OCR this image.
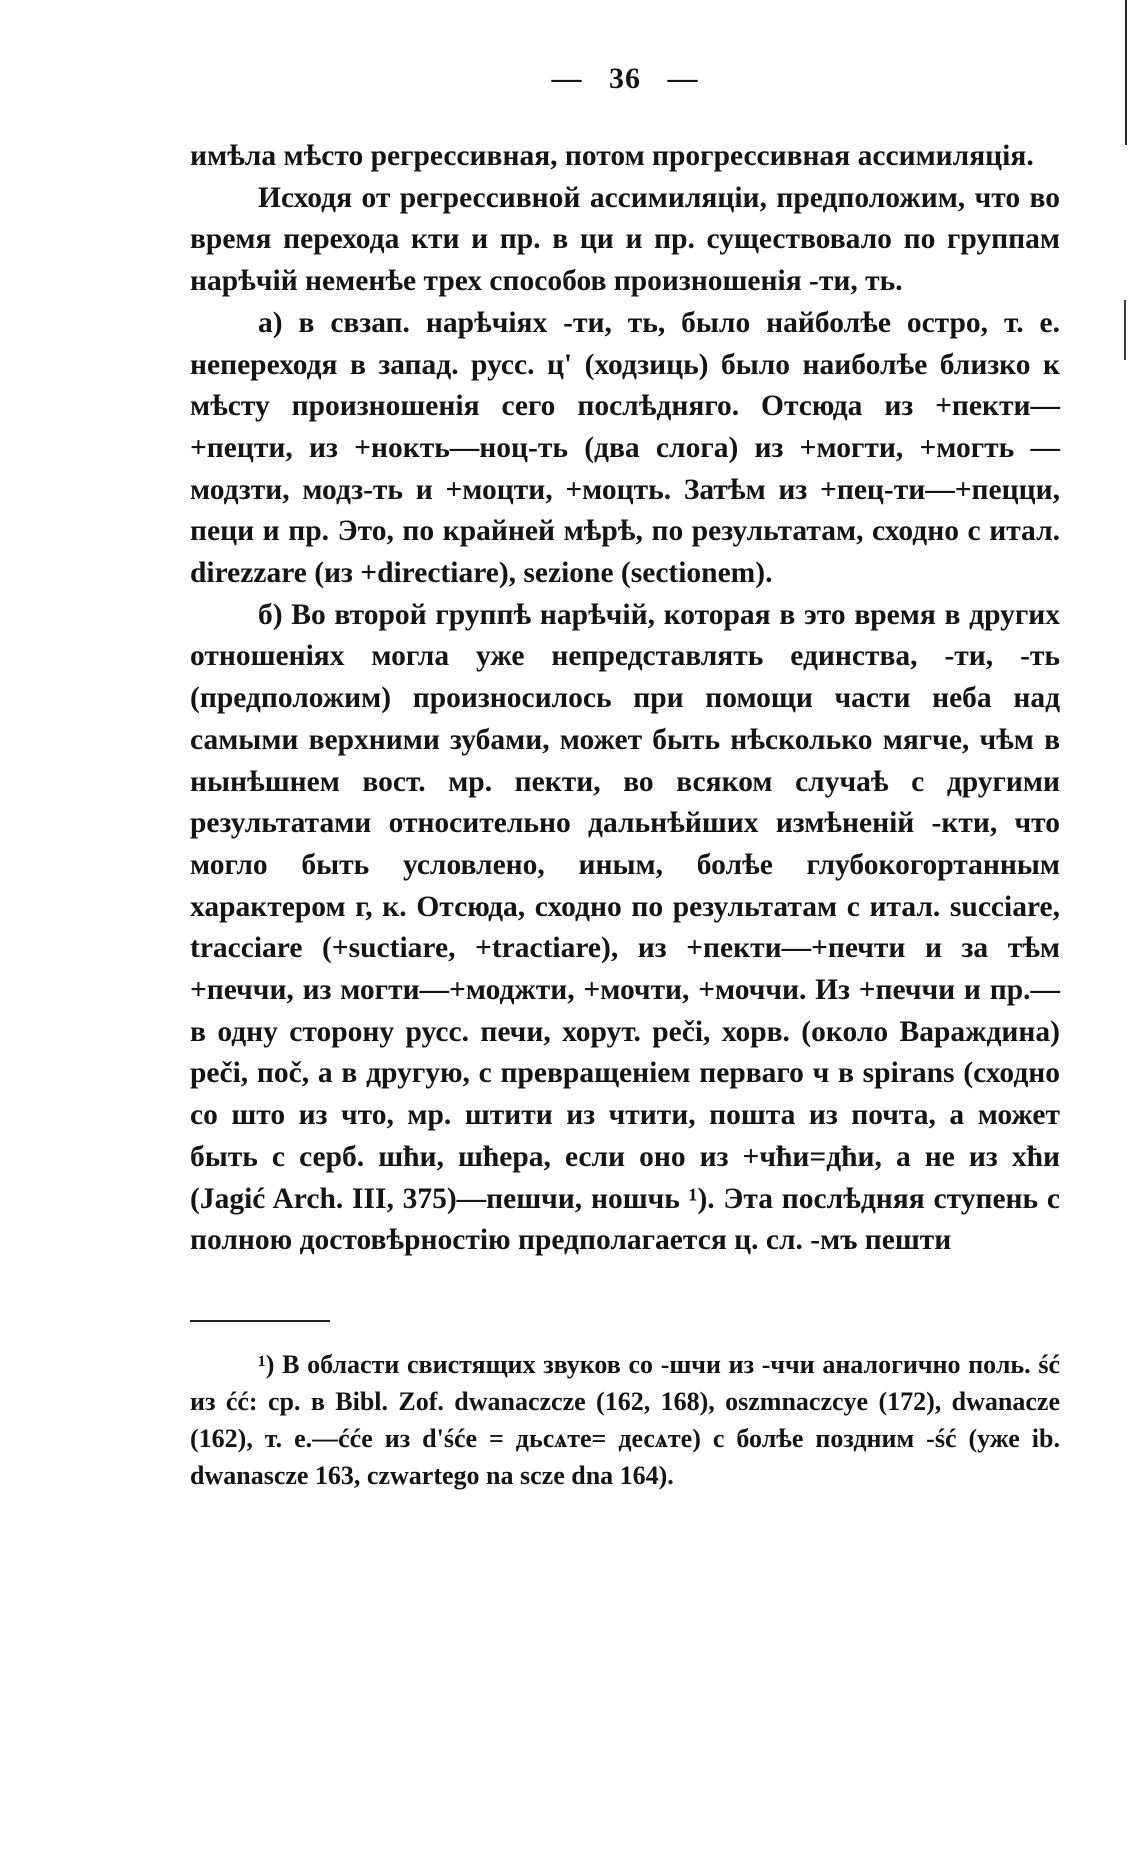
— 36 —

имѣла мѣсто регрессивная, потом прогрессивная ассимиляція.

Исходя от регрессивной ассимиляціи, предположим, что во время перехода кти и пр. в ци и пр. существовало по группам нарѣчій неменѣе трех способов произношенія -ти, ть.

а) в свзап. нарѣчіях -ти, ть, было найболѣе остро, т. е. непереходя в запад. русс. ц' (ходзиць) было наиболѣе близко к мѣсту произношенія сего послѣдняго. Отсюда из +пекти—+пецти, из +нокть—ноц-ть (два слога) из +могти, +могть — модзти, модз-ть и +моцти, +моцть. Затѣм из +пец-ти—+пецци, пеци и пр. Это, по крайней мѣрѣ, по результатам, сходно с итал. direzzare (из +directiare), sezione (sectionem).

б) Во второй группѣ нарѣчій, которая в это время в других отношеніях могла уже непредставлять единства, -ти, -ть (предположим) произносилось при помощи части неба над самыми верхними зубами, может быть нѣсколько мягче, чѣм в нынѣшнем вост. мр. пекти, во всяком случаѣ с другими результатами относительно дальнѣйших измѣненій -кти, что могло быть условлено, иным, болѣе глубокогортанным характером г, к. Отсюда, сходно по результатам с итал. succiare, tracciare (+suctiare, +tractiare), из +пекти—+печти и за тѣм +печчи, из могти—+моджти, +мочти, +моччи. Из +печчи и пр.—в одну сторону русс. печи, хорут. peči, хорв. (около Вараждина) peči, поč, а в другую, с превращеніем перваго ч в spirans (сходно со што из что, мр. штити из чтити, пошта из почта, а может быть с серб. шħи, шħера, если оно из +чħи=дħи, а не из хħи (Jagić Arch. III, 375)—пешчи, ношчь ¹). Эта послѣдняя ступень с полною достовѣрностію предполагается ц. сл. -мъ пешти

¹) В области свистящих звуков со -шчи из -ччи аналогично поль. ść из ćć: ср. в Bibl. Zof. dwanaczcze (162, 168), oszmnaczcye (172), dwanacze (162), т. е.—ćće из d'śće = дьсѧте= десѧте) с болѣе поздним -ść (уже ib. dwanascze 163, czwartego na scze dna 164).
